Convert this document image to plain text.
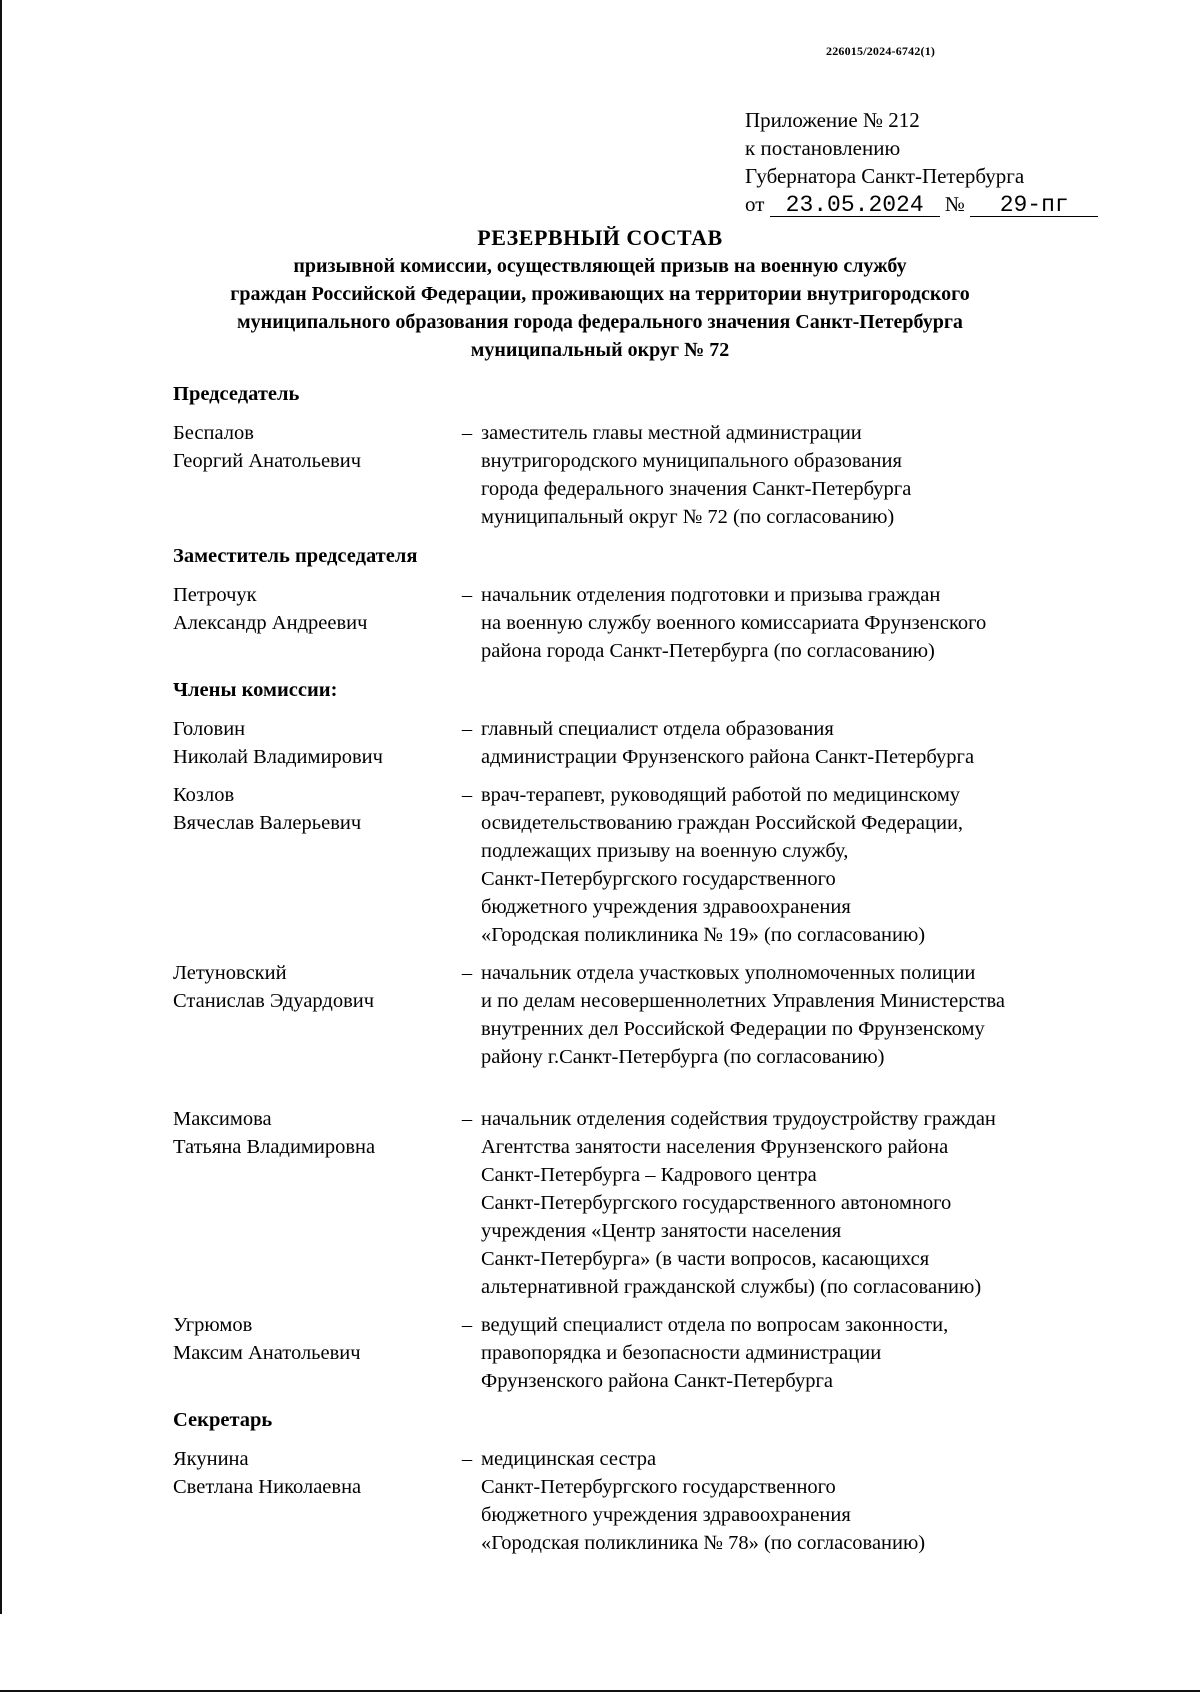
226015/2024-6742(1)
Приложение № 212
к постановлению
Губернатора Санкт-Петербурга
от 23.05.2024 № 29-пг
РЕЗЕРВНЫЙ СОСТАВ
призывной комиссии, осуществляющей призыв на военную службу
граждан Российской Федерации, проживающих на территории внутригородского
муниципального образования города федерального значения Санкт-Петербурга
муниципальный округ № 72
Председатель
Беспалов
Георгий Анатольевич
– заместитель главы местной администрации
внутригородского муниципального образования
города федерального значения Санкт-Петербурга
муниципальный округ № 72 (по согласованию)
Заместитель председателя
Петрочук
Александр Андреевич
– начальник отделения подготовки и призыва граждан
на военную службу военного комиссариата Фрунзенского
района города Санкт-Петербурга (по согласованию)
Члены комиссии:
Головин
Николай Владимирович
– главный специалист отдела образования
администрации Фрунзенского района Санкт-Петербурга
Козлов
Вячеслав Валерьевич
– врач-терапевт, руководящий работой по медицинскому
освидетельствованию граждан Российской Федерации,
подлежащих призыву на военную службу,
Санкт-Петербургского государственного
бюджетного учреждения здравоохранения
«Городская поликлиника № 19» (по согласованию)
Летуновский
Станислав Эдуардович
– начальник отдела участковых уполномоченных полиции
и по делам несовершеннолетних Управления Министерства
внутренних дел Российской Федерации по Фрунзенскому
району г.Санкт-Петербурга (по согласованию)
Максимова
Татьяна Владимировна
– начальник отделения содействия трудоустройству граждан
Агентства занятости населения Фрунзенского района
Санкт-Петербурга – Кадрового центра
Санкт-Петербургского государственного автономного
учреждения «Центр занятости населения
Санкт-Петербурга» (в части вопросов, касающихся
альтернативной гражданской службы) (по согласованию)
Угрюмов
Максим Анатольевич
– ведущий специалист отдела по вопросам законности,
правопорядка и безопасности администрации
Фрунзенского района Санкт-Петербурга
Секретарь
Якунина
Светлана Николаевна
– медицинская сестра
Санкт-Петербургского государственного
бюджетного учреждения здравоохранения
«Городская поликлиника № 78» (по согласованию)
